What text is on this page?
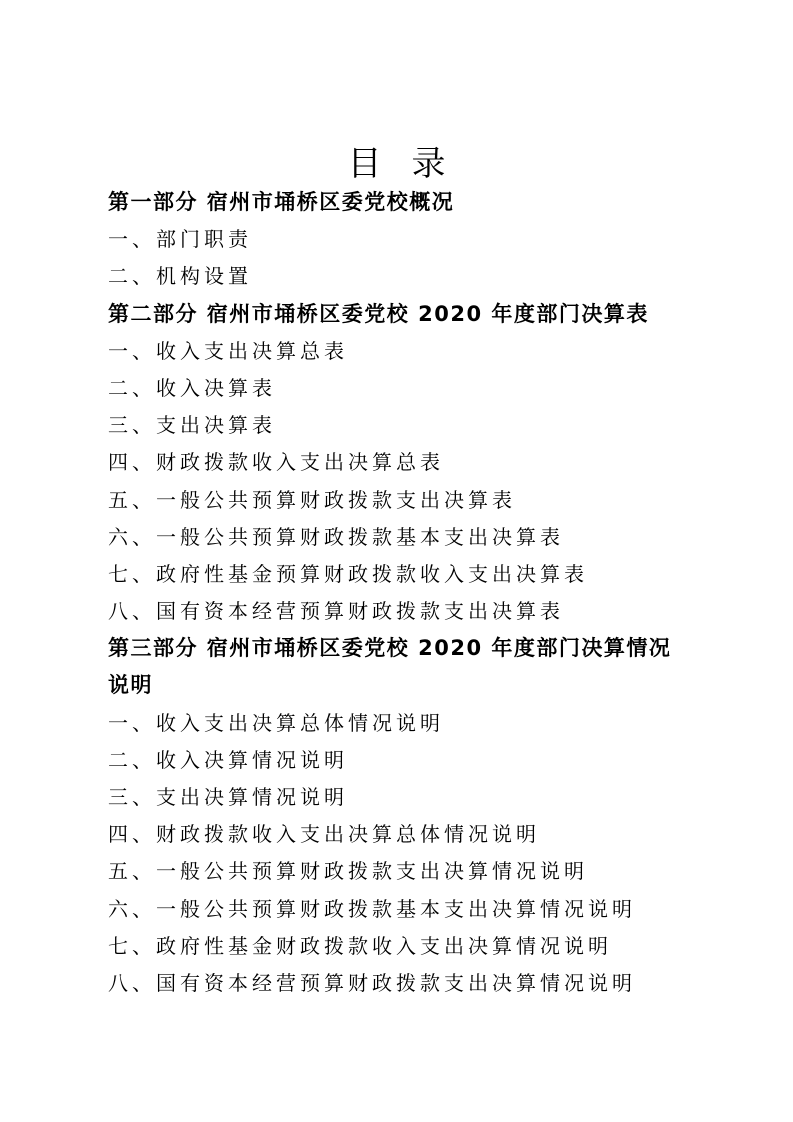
目 录
第一部分 宿州市埇桥区委党校概况
一、部门职责
二、机构设置
第二部分 宿州市埇桥区委党校 2020 年度部门决算表
一、收入支出决算总表
二、收入决算表
三、支出决算表
四、财政拨款收入支出决算总表
五、一般公共预算财政拨款支出决算表
六、一般公共预算财政拨款基本支出决算表
七、政府性基金预算财政拨款收入支出决算表
八、国有资本经营预算财政拨款支出决算表
第三部分 宿州市埇桥区委党校 2020 年度部门决算情况
说明
一、收入支出决算总体情况说明
二、收入决算情况说明
三、支出决算情况说明
四、财政拨款收入支出决算总体情况说明
五、一般公共预算财政拨款支出决算情况说明
六、一般公共预算财政拨款基本支出决算情况说明
七、政府性基金财政拨款收入支出决算情况说明
八、国有资本经营预算财政拨款支出决算情况说明
